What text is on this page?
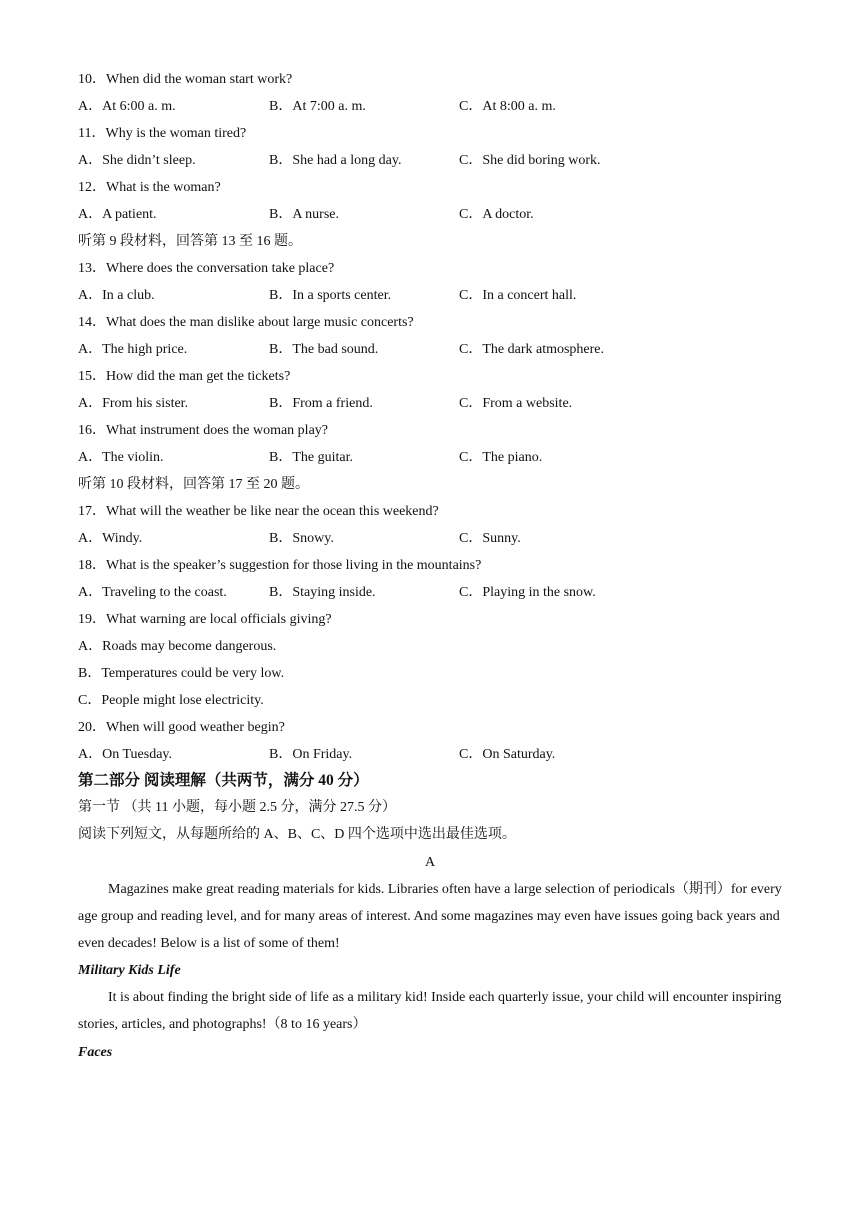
10．When did the woman start work?
A．At 6:00 a. m.	B．At 7:00 a. m.	C．At 8:00 a. m.
11．Why is the woman tired?
A．She didn’t sleep.	B．She had a long day.	C．She did boring work.
12．What is the woman?
A．A patient.	B．A nurse.	C．A doctor.
听第 9 段材料，回答第 13 至 16 题。
13．Where does the conversation take place?
A．In a club.	B．In a sports center.	C．In a concert hall.
14．What does the man dislike about large music concerts?
A．The high price.	B．The bad sound.	C．The dark atmosphere.
15．How did the man get the tickets?
A．From his sister.	B．From a friend.	C．From a website.
16．What instrument does the woman play?
A．The violin.	B．The guitar.	C．The piano.
听第 10 段材料，回答第 17 至 20 题。
17．What will the weather be like near the ocean this weekend?
A．Windy.	B．Snowy.	C．Sunny.
18．What is the speaker’s suggestion for those living in the mountains?
A．Traveling to the coast.	B．Staying inside.	C．Playing in the snow.
19．What warning are local officials giving?
A．Roads may become dangerous.
B．Temperatures could be very low.
C．People might lose electricity.
20．When will good weather begin?
A．On Tuesday.	B．On Friday.	C．On Saturday.
第二部分 阅读理解（共两节，满分 40 分）
第一节 （共 11 小题，每小题 2.5 分，满分 27.5 分）
阅读下列短文，从每题所给的 A、B、C、D 四个选项中选出最佳选项。
A
Magazines make great reading materials for kids. Libraries often have a large selection of periodicals（期刊）for every age group and reading level, and for many areas of interest. And some magazines may even have issues going back years and even decades! Below is a list of some of them!
Military Kids Life
It is about finding the bright side of life as a military kid! Inside each quarterly issue, your child will encounter inspiring stories, articles, and photographs!（8 to 16 years）
Faces
